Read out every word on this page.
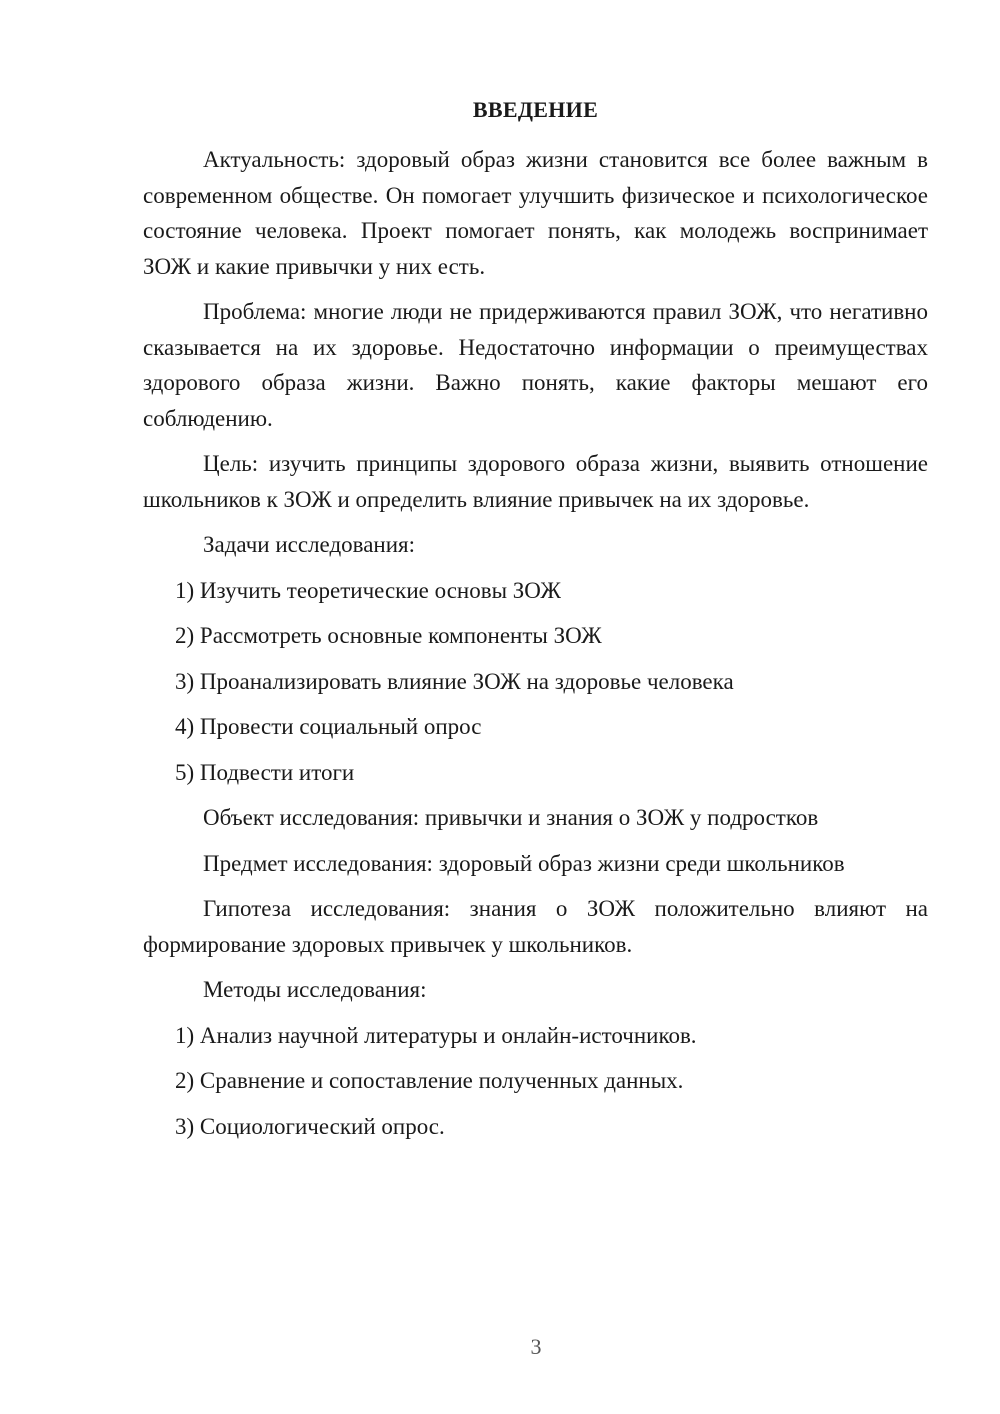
ВВЕДЕНИЕ

Актуальность: здоровый образ жизни становится все более важным в современном обществе. Он помогает улучшить физическое и психологическое состояние человека. Проект помогает понять, как молодежь воспринимает ЗОЖ и какие привычки у них есть.

Проблема: многие люди не придерживаются правил ЗОЖ, что негативно сказывается на их здоровье. Недостаточно информации о преимуществах здорового образа жизни. Важно понять, какие факторы мешают его соблюдению.

Цель: изучить принципы здорового образа жизни, выявить отношение школьников к ЗОЖ и определить влияние привычек на их здоровье.

Задачи исследования:
1) Изучить теоретические основы ЗОЖ
2) Рассмотреть основные компоненты ЗОЖ
3) Проанализировать влияние ЗОЖ на здоровье человека
4) Провести социальный опрос
5) Подвести итоги
Объект исследования: привычки и знания о ЗОЖ у подростков
Предмет исследования: здоровый образ жизни среди школьников

Гипотеза исследования: знания о ЗОЖ положительно влияют на формирование здоровых привычек у школьников.

Методы исследования:
1) Анализ научной литературы и онлайн-источников.
2) Сравнение и сопоставление полученных данных.
3) Социологический опрос.
3
